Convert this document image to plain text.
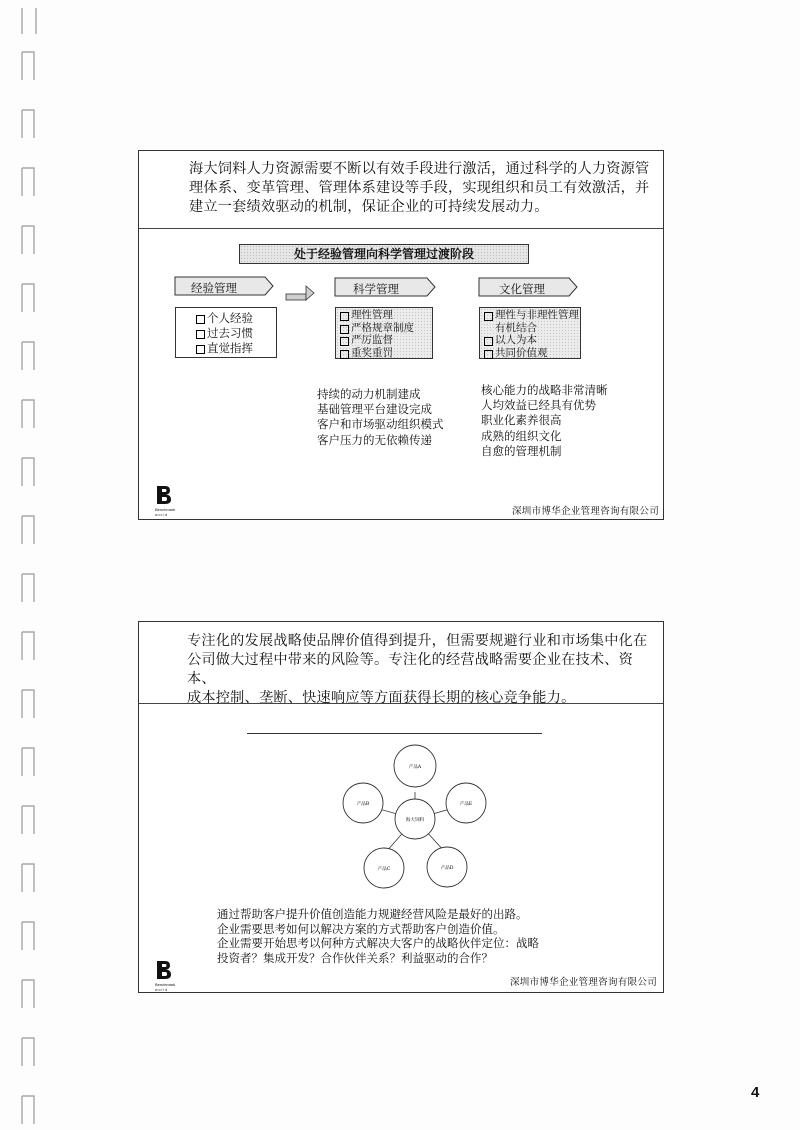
海大饲料人力资源需要不断以有效手段进行激活，通过科学的人力资源管
理体系、变革管理、管理体系建设等手段，实现组织和员工有效激活，并
建立一套绩效驱动的机制，保证企业的可持续发展动力。
处于经验管理向科学管理过渡阶段
经验管理	科学管理	文化管理
个人经验
过去习惯
直觉指挥
理性管理
严格规章制度
严厉监督
重奖重罚
理性与非理性管理
有机结合
以人为本
共同价值观
持续的动力机制建成
基础管理平台建设完成
客户和市场驱动组织模式
客户压力的无依赖传递
核心能力的战略非常清晰
人均效益已经具有优势
职业化素养很高
成熟的组织文化
自愈的管理机制
Benchmark
w o r l d	深圳市博华企业管理咨询有限公司
专注化的发展战略使品牌价值得到提升，但需要规避行业和市场集中化在
公司做大过程中带来的风险等。专注化的经营战略需要企业在技术、资本、
成本控制、垄断、快速响应等方面获得长期的核心竞争能力。
海大饲料
产品A
产品B
产品C	产品D
产品E
通过帮助客户提升价值创造能力规避经营风险是最好的出路。
企业需要思考如何以解决方案的方式帮助客户创造价值。
企业需要开始思考以何种方式解决大客户的战略伙伴定位：战略
投资者？集成开发？合作伙伴关系？利益驱动的合作？
Benchmark
w o r l d
深圳市博华企业管理咨询有限公司
4
